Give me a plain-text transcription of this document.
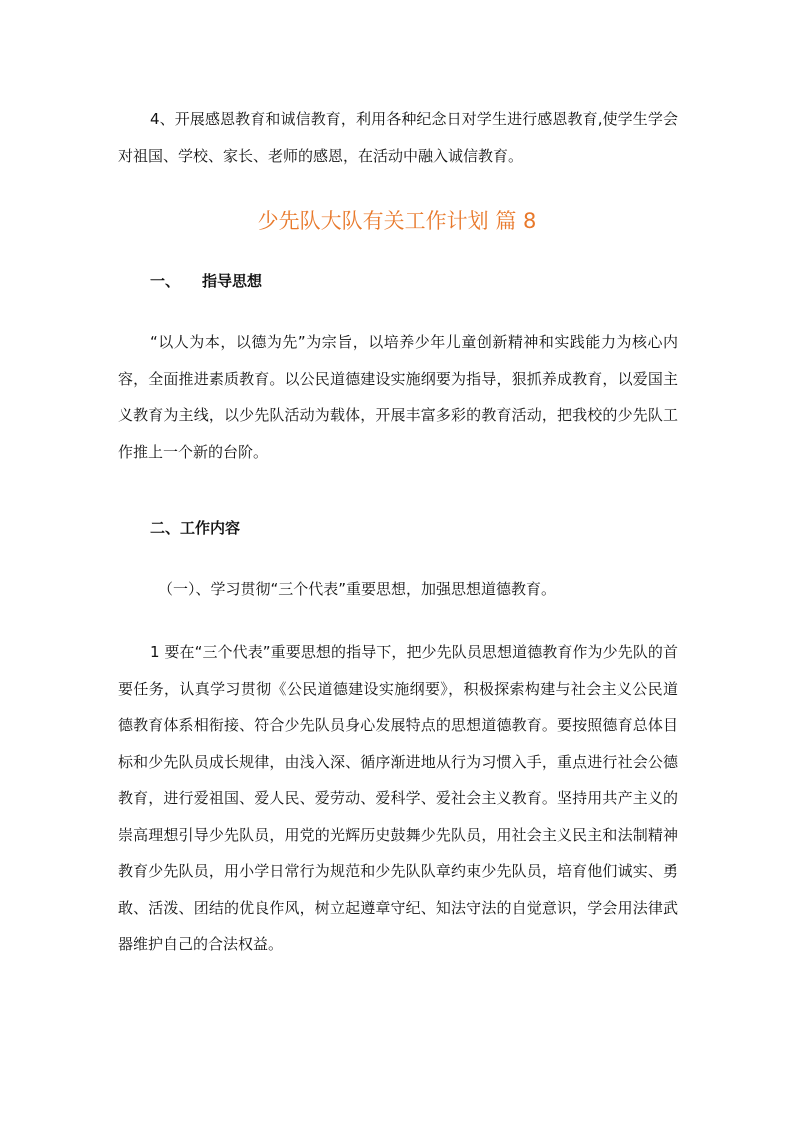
4、开展感恩教育和诚信教育，利用各种纪念日对学生进行感恩教育,使学生学会对祖国、学校、家长、老师的感恩，在活动中融入诚信教育。

少先队大队有关工作计划 篇 8
一、 指导思想

“以人为本，以德为先”为宗旨，以培养少年儿童创新精神和实践能力为核心内容，全面推进素质教育。以公民道德建设实施纲要为指导，狠抓养成教育，以爱国主义教育为主线，以少先队活动为载体，开展丰富多彩的教育活动，把我校的少先队工作推上一个新的台阶。

二、工作内容

（一）、学习贯彻“三个代表”重要思想，加强思想道德教育。

1 要在“三个代表”重要思想的指导下，把少先队员思想道德教育作为少先队的首要任务，认真学习贯彻《公民道德建设实施纲要》，积极探索构建与社会主义公民道德教育体系相衔接、符合少先队员身心发展特点的思想道德教育。要按照德育总体目标和少先队员成长规律，由浅入深、循序渐进地从行为习惯入手，重点进行社会公德教育，进行爱祖国、爱人民、爱劳动、爱科学、爱社会主义教育。坚持用共产主义的崇高理想引导少先队员，用党的光辉历史鼓舞少先队员，用社会主义民主和法制精神教育少先队员，用小学日常行为规范和少先队队章约束少先队员，培育他们诚实、勇敢、活泼、团结的优良作风，树立起遵章守纪、知法守法的自觉意识，学会用法律武器维护自己的合法权益。
